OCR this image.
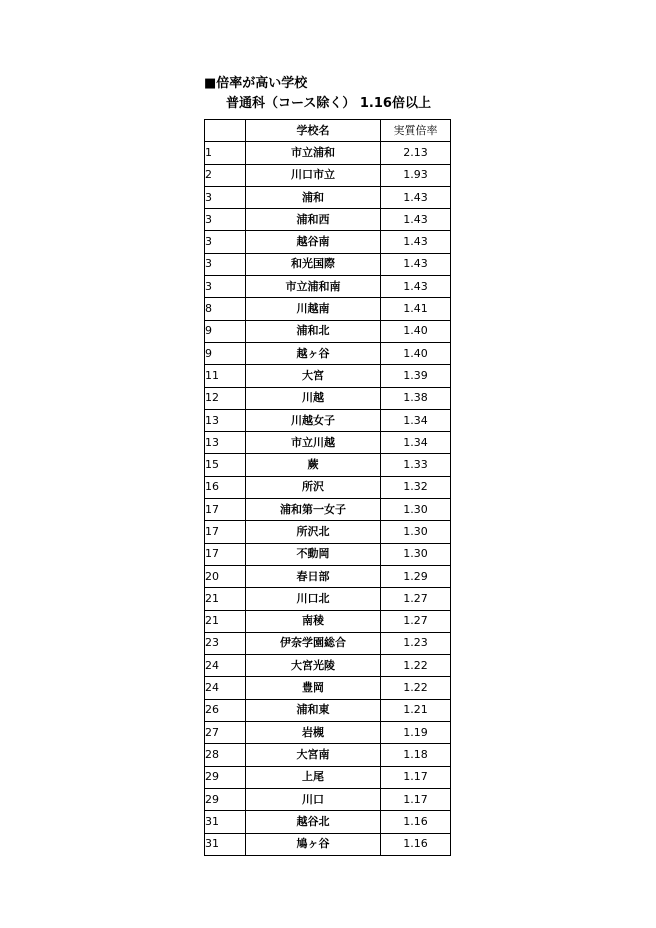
■倍率が高い学校
普通科（コース除く） 1.16倍以上
	学校名	実質倍率
1	市立浦和	2.13
2	川口市立	1.93
3	浦和	1.43
3	浦和西	1.43
3	越谷南	1.43
3	和光国際	1.43
3	市立浦和南	1.43
8	川越南	1.41
9	浦和北	1.40
9	越ヶ谷	1.40
11	大宮	1.39
12	川越	1.38
13	川越女子	1.34
13	市立川越	1.34
15	蕨	1.33
16	所沢	1.32
17	浦和第一女子	1.30
17	所沢北	1.30
17	不動岡	1.30
20	春日部	1.29
21	川口北	1.27
21	南稜	1.27
23	伊奈学園総合	1.23
24	大宮光陵	1.22
24	豊岡	1.22
26	浦和東	1.21
27	岩槻	1.19
28	大宮南	1.18
29	上尾	1.17
29	川口	1.17
31	越谷北	1.16
31	鳩ヶ谷	1.16
